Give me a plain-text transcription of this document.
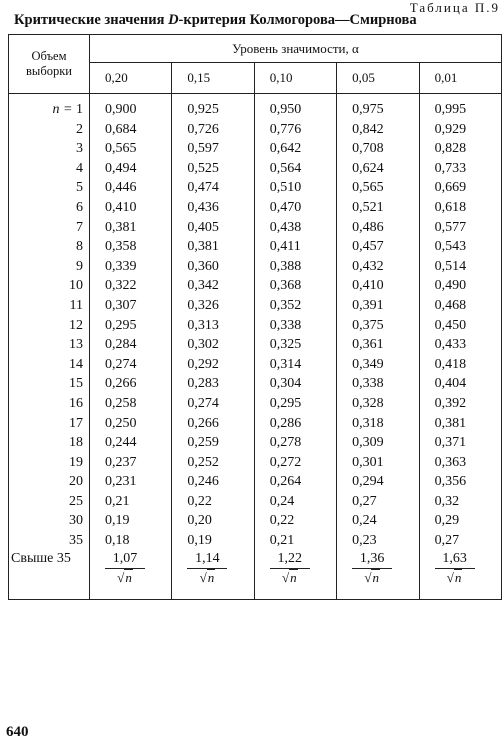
Таблица П.9
Критические значения D-критерия Колмогорова—Смирнова
Объем
выборки	Уровень значимости, α				
	0,20	0,15	0,10	0,05	0,01
n = 1	0,900	0,925	0,950	0,975	0,995
2	0,684	0,726	0,776	0,842	0,929
3	0,565	0,597	0,642	0,708	0,828
4	0,494	0,525	0,564	0,624	0,733
5	0,446	0,474	0,510	0,565	0,669
6	0,410	0,436	0,470	0,521	0,618
7	0,381	0,405	0,438	0,486	0,577
8	0,358	0,381	0,411	0,457	0,543
9	0,339	0,360	0,388	0,432	0,514
10	0,322	0,342	0,368	0,410	0,490
11	0,307	0,326	0,352	0,391	0,468
12	0,295	0,313	0,338	0,375	0,450
13	0,284	0,302	0,325	0,361	0,433
14	0,274	0,292	0,314	0,349	0,418
15	0,266	0,283	0,304	0,338	0,404
16	0,258	0,274	0,295	0,328	0,392
17	0,250	0,266	0,286	0,318	0,381
18	0,244	0,259	0,278	0,309	0,371
19	0,237	0,252	0,272	0,301	0,363
20	0,231	0,246	0,264	0,294	0,356
25	0,21	0,22	0,24	0,27	0,32
30	0,19	0,20	0,22	0,24	0,29
35	0,18	0,19	0,21	0,23	0,27
Свыше 35	$\frac{1,07}{√n}$	$\frac{1,14}{√n}$	$\frac{1,22}{√n}$	$\frac{1,36}{√n}$	$\frac{1,63}{√n}$
640
